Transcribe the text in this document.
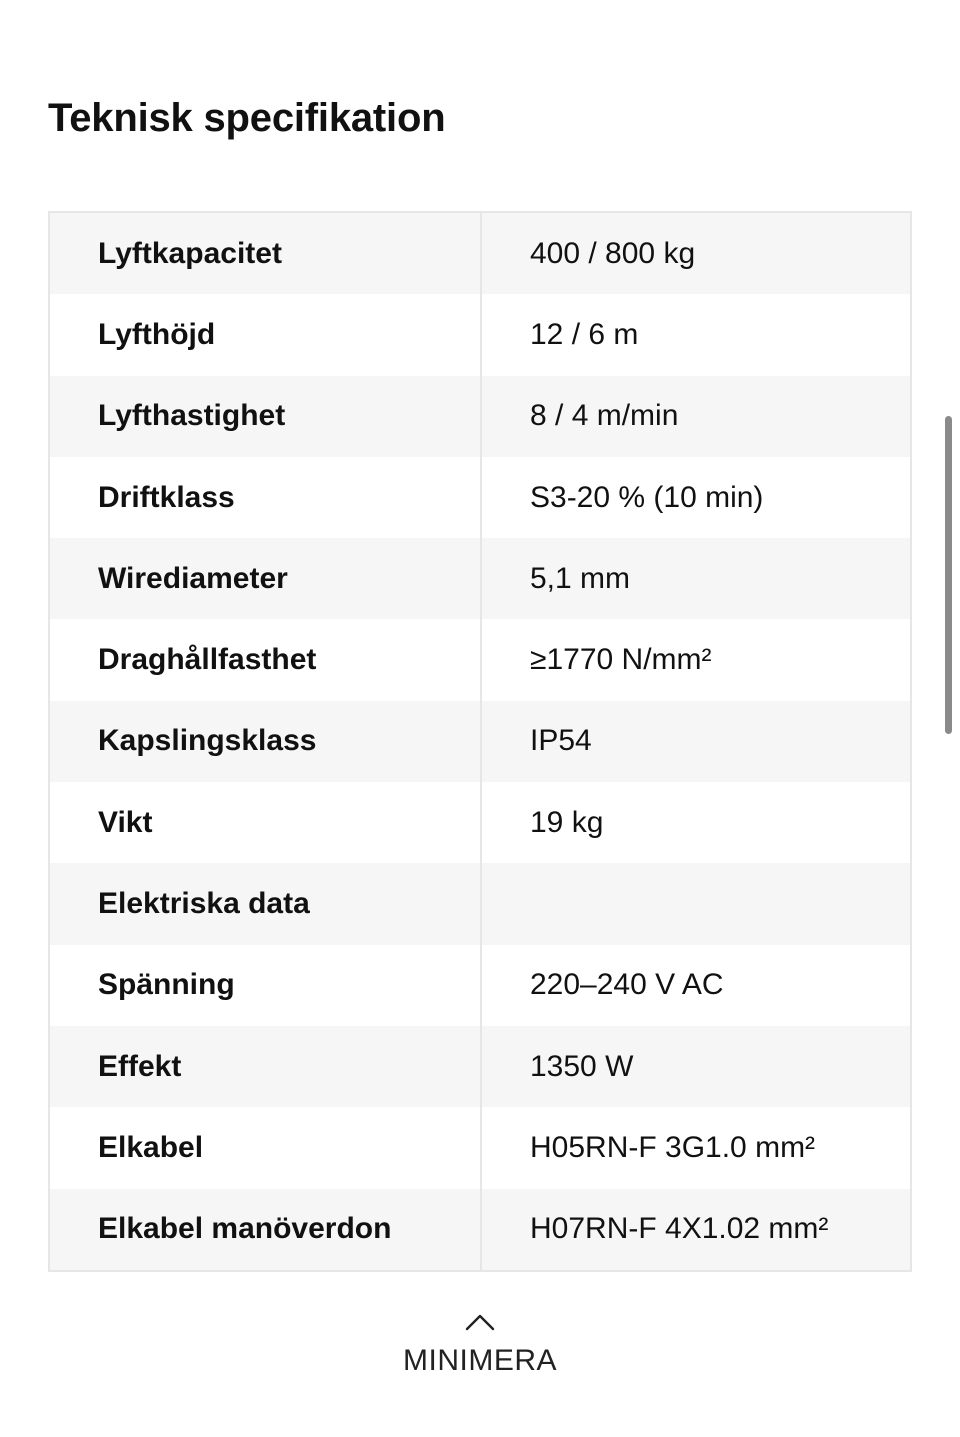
Teknisk specifikation
Lyftkapacitet	400 / 800 kg
Lyfthöjd	12 / 6 m
Lyfthastighet	8 / 4 m/min
Driftklass	S3-20 % (10 min)
Wirediameter	5,1 mm
Draghållfasthet	≥1770 N/mm²
Kapslingsklass	IP54
Vikt	19 kg
Elektriska data
Spänning	220–240 V AC
Effekt	1350 W
Elkabel	H05RN-F 3G1.0 mm²
Elkabel manöverdon	H07RN-F 4X1.02 mm²
MINIMERA
